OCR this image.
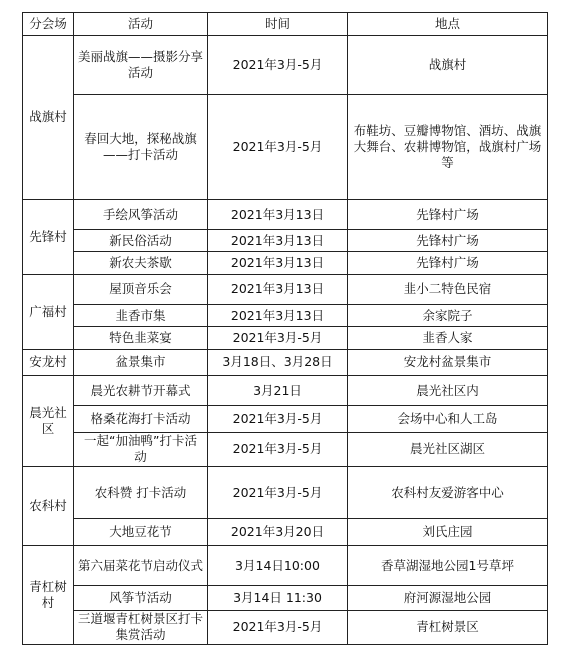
分会场	活动	时间	地点
战旗村	美丽战旗——摄影分享活动	2021年3月-5月	战旗村
	春回大地，探秘战旗——打卡活动	2021年3月-5月	布鞋坊、豆瓣博物馆、酒坊、战旗大舞台、农耕博物馆，战旗村广场等
先锋村	手绘风筝活动	2021年3月13日	先锋村广场
	新民俗活动	2021年3月13日	先锋村广场
	新农夫茶歇	2021年3月13日	先锋村广场
广福村	屋顶音乐会	2021年3月13日	韭小二特色民宿
	韭香市集	2021年3月13日	余家院子
	特色韭菜宴	2021年3月-5月	韭香人家
安龙村	盆景集市	3月18日、3月28日	安龙村盆景集市
晨光社区	晨光农耕节开幕式	3月21日	晨光社区内
	格桑花海打卡活动	2021年3月-5月	会场中心和人工岛
	一起“加油鸭”打卡活动	2021年3月-5月	晨光社区湖区
农科村	农科赞 打卡活动	2021年3月-5月	农科村友爱游客中心
	大地豆花节	2021年3月20日	刘氏庄园
青杠树村	第六届菜花节启动仪式	3月14日10:00	香草湖湿地公园1号草坪
	风筝节活动	3月14日 11:30	府河源湿地公园
	三道堰青杠树景区打卡集赏活动	2021年3月-5月	青杠树景区
